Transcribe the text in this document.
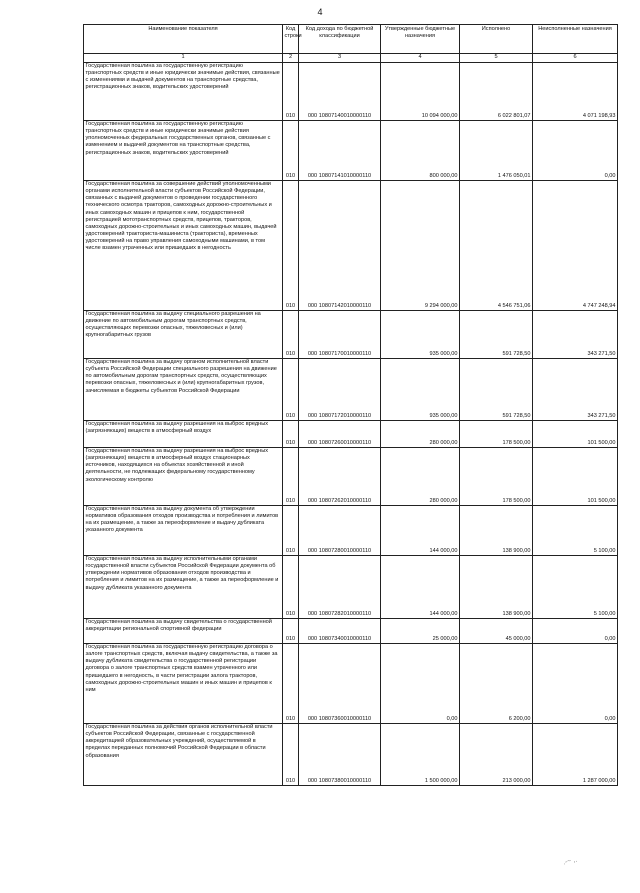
4
Наименование показателя	Код строки	Код дохода по бюджетной классификации	Утвержденные бюджетные назначения	Исполнено	Неисполненные назначения
1	2	3	4	5	6
Государственная пошлина за государственную регистрацию транспортных средств и иные юридически значимые действия, связанные с изменениями и выдачей документов на транспортные средства, регистрационных знаков, водительских удостоверений	010	000 10807140010000110	10 094 000,00	6 022 801,07	4 071 198,93
Государственная пошлина за государственную регистрацию транспортных средств и иные юридически значимые действия уполномоченных федеральных государственных органов, связанные с изменением и выдачей документов на транспортные средства, регистрационных знаков, водительских удостоверений	010	000 10807141010000110	800 000,00	1 476 050,01	0,00
Государственная пошлина за совершение действий уполномоченными органами исполнительной власти субъектов Российской Федерации, связанных с выдачей документов о проведении государственного технического осмотра тракторов, самоходных дорожно-строительных и иных самоходных машин и прицепов к ним, государственной регистрацией мототранспортных средств, прицепов, тракторов, самоходных дорожно-строительных и иных самоходных машин, выдачей удостоверений тракториста-машиниста (тракториста), временных удостоверений на право управления самоходными машинами, в том числе взамен утраченных или пришедших в негодность	010	000 10807142010000110	9 294 000,00	4 546 751,06	4 747 248,94
Государственная пошлина за выдачу специального разрешения на движение по автомобильным дорогам транспортных средств, осуществляющих перевозки опасных, тяжеловесных и (или) крупногабаритных грузов	010	000 10807170010000110	935 000,00	591 728,50	343 271,50
Государственная пошлина за выдачу органом исполнительной власти субъекта Российской Федерации специального разрешения на движение по автомобильным дорогам транспортных средств, осуществляющих перевозки опасных, тяжеловесных и (или) крупногабаритных грузов, зачисляемая в бюджеты субъектов Российской Федерации	010	000 10807172010000110	935 000,00	591 728,50	343 271,50
Государственная пошлина за выдачу разрешения на выброс вредных (загрязняющих) веществ в атмосферный воздух	010	000 10807260010000110	280 000,00	178 500,00	101 500,00
Государственная пошлина за выдачу разрешения на выброс вредных (загрязняющих) веществ в атмосферный воздух стационарных источников, находящихся на объектах хозяйственной и иной деятельности, не подлежащих федеральному государственному экологическому контролю	010	000 10807262010000110	280 000,00	178 500,00	101 500,00
Государственная пошлина за выдачу документа об утверждении нормативов образования отходов производства и потребления и лимитов на их размещение, а также за переоформление и выдачу дубликата указанного документа	010	000 10807280010000110	144 000,00	138 900,00	5 100,00
Государственная пошлина за выдачу исполнительными органами государственной власти субъектов Российской Федерации документа об утверждении нормативов образования отходов производства и потребления и лимитов на их размещение, а также за переоформление и выдачу дубликата указанного документа	010	000 10807282010000110	144 000,00	138 900,00	5 100,00
Государственная пошлина за выдачу свидетельства о государственной аккредитации региональной спортивной федерации	010	000 10807340010000110	25 000,00	45 000,00	0,00
Государственная пошлина за государственную регистрацию договора о залоге транспортных средств, включая выдачу свидетельства, а также за выдачу дубликата свидетельства о государственной регистрации договора о залоге транспортных средств взамен утраченного или пришедшего в негодность, в части регистрации залога тракторов, самоходных дорожно-строительных машин и иных машин и прицепов к ним	010	000 10807360010000110	0,00	6 200,00	0,00
Государственная пошлина за действия органов исполнительной власти субъектов Российской Федерации, связанные с государственной аккредитацией образовательных учреждений, осуществляемой в пределах переданных полномочий Российской Федерации в области образования	010	000 10807380010000110	1 500 000,00	213 000,00	1 287 000,00
.-~ ,.
